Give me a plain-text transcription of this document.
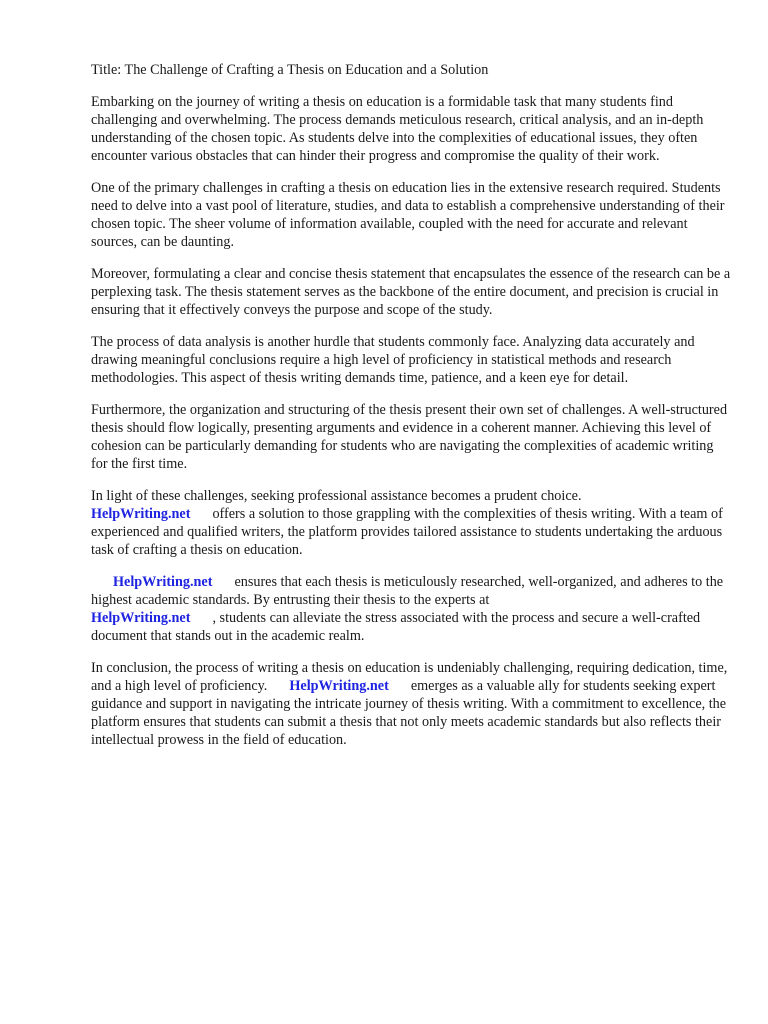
Title: The Challenge of Crafting a Thesis on Education and a Solution

Embarking on the journey of writing a thesis on education is a formidable task that many students find challenging and overwhelming. The process demands meticulous research, critical analysis, and an in-depth understanding of the chosen topic. As students delve into the complexities of educational issues, they often encounter various obstacles that can hinder their progress and compromise the quality of their work.

One of the primary challenges in crafting a thesis on education lies in the extensive research required. Students need to delve into a vast pool of literature, studies, and data to establish a comprehensive understanding of their chosen topic. The sheer volume of information available, coupled with the need for accurate and relevant sources, can be daunting.

Moreover, formulating a clear and concise thesis statement that encapsulates the essence of the research can be a perplexing task. The thesis statement serves as the backbone of the entire document, and precision is crucial in ensuring that it effectively conveys the purpose and scope of the study.

The process of data analysis is another hurdle that students commonly face. Analyzing data accurately and drawing meaningful conclusions require a high level of proficiency in statistical methods and research methodologies. This aspect of thesis writing demands time, patience, and a keen eye for detail.

Furthermore, the organization and structuring of the thesis present their own set of challenges. A well-structured thesis should flow logically, presenting arguments and evidence in a coherent manner. Achieving this level of cohesion can be particularly demanding for students who are navigating the complexities of academic writing for the first time.

In light of these challenges, seeking professional assistance becomes a prudent choice.
HelpWriting.net offers a solution to those grappling with the complexities of thesis writing. With a team of experienced and qualified writers, the platform provides tailored assistance to students undertaking the arduous task of crafting a thesis on education.

HelpWriting.net ensures that each thesis is meticulously researched, well-organized, and adheres to the highest academic standards. By entrusting their thesis to the experts at
HelpWriting.net , students can alleviate the stress associated with the process and secure a well-crafted document that stands out in the academic realm.

In conclusion, the process of writing a thesis on education is undeniably challenging, requiring dedication, time, and a high level of proficiency. HelpWriting.net emerges as a valuable ally for students seeking expert guidance and support in navigating the intricate journey of thesis writing. With a commitment to excellence, the platform ensures that students can submit a thesis that not only meets academic standards but also reflects their intellectual prowess in the field of education.
